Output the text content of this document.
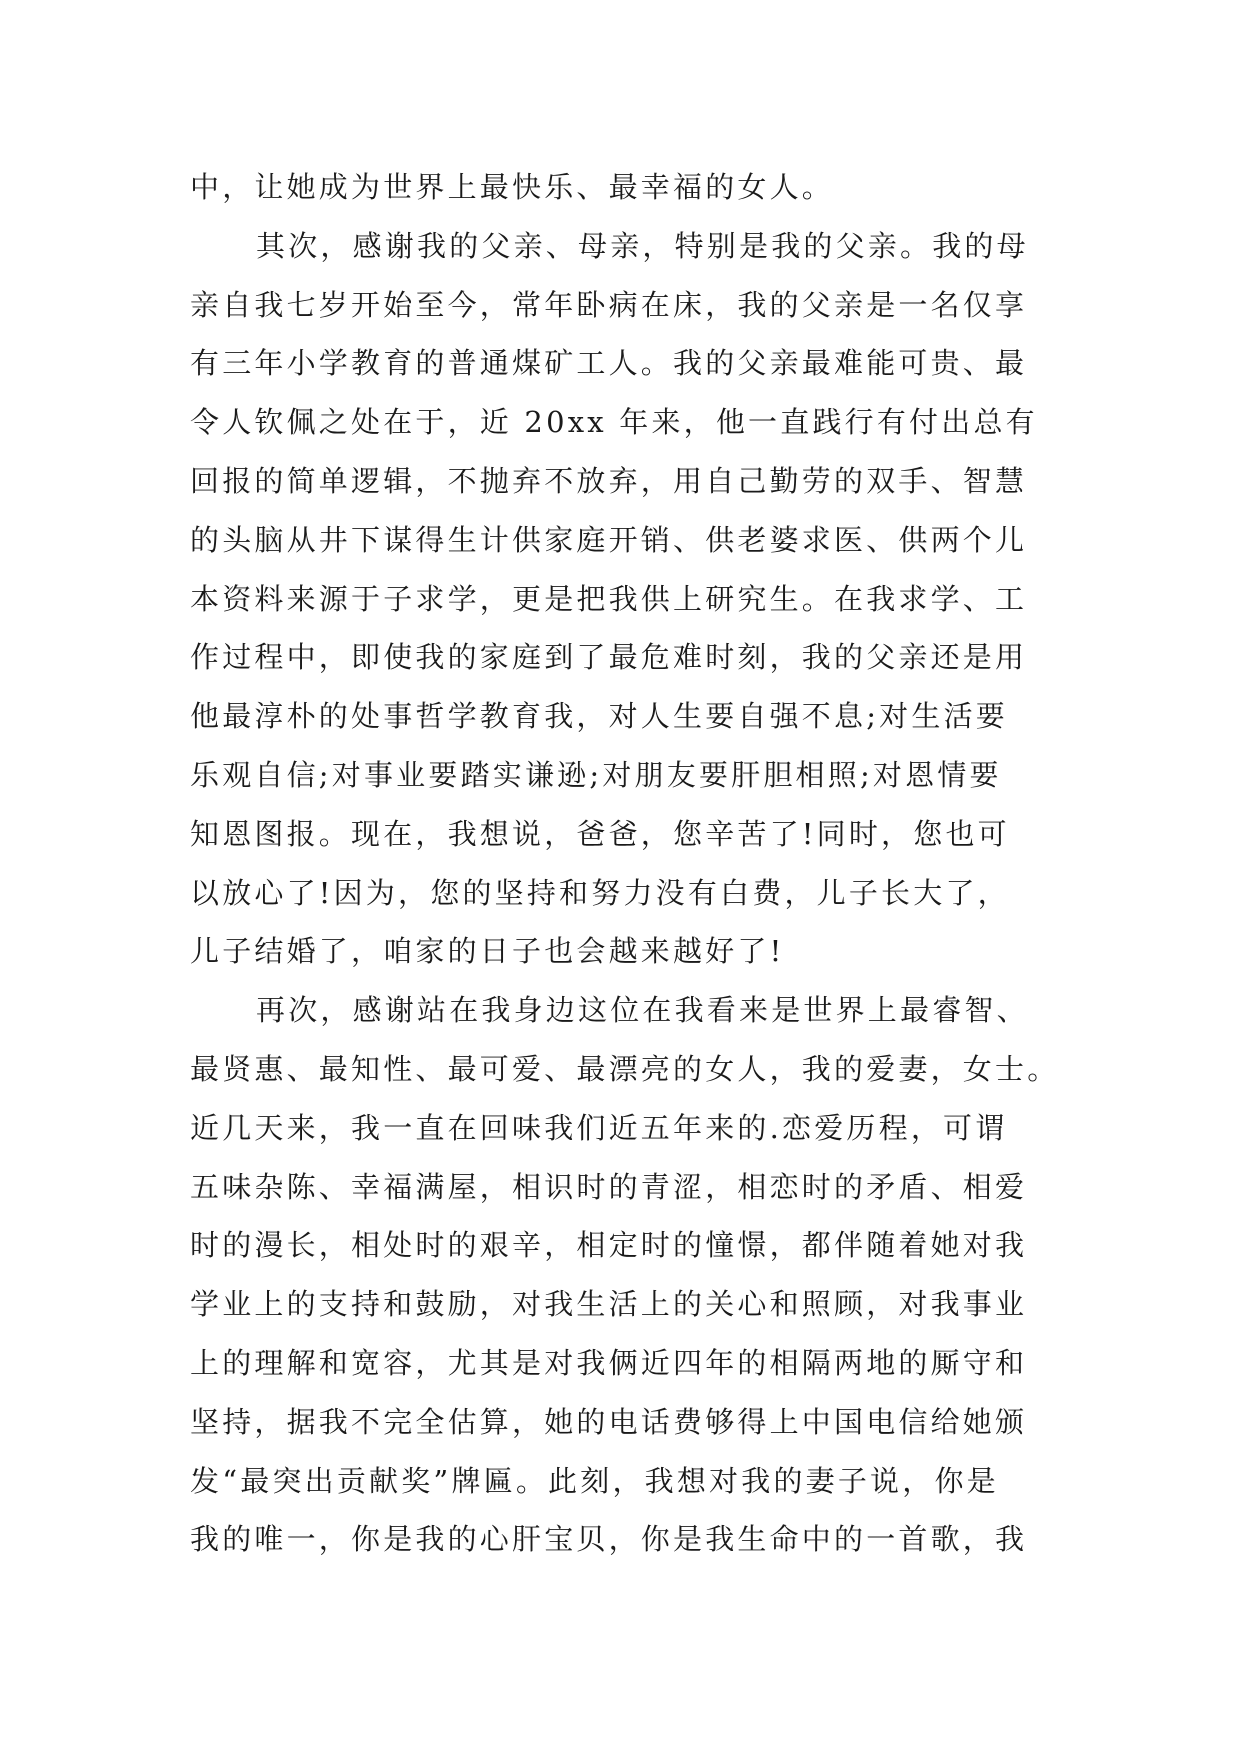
中，让她成为世界上最快乐、最幸福的女人。
其次，感谢我的父亲、母亲，特别是我的父亲。我的母
亲自我七岁开始至今，常年卧病在床，我的父亲是一名仅享
有三年小学教育的普通煤矿工人。我的父亲最难能可贵、最
令人钦佩之处在于，近 20xx 年来，他一直践行有付出总有
回报的简单逻辑，不抛弃不放弃，用自己勤劳的双手、智慧
的头脑从井下谋得生计供家庭开销、供老婆求医、供两个儿
本资料来源于子求学，更是把我供上研究生。在我求学、工
作过程中，即使我的家庭到了最危难时刻，我的父亲还是用
他最淳朴的处事哲学教育我，对人生要自强不息;对生活要
乐观自信;对事业要踏实谦逊;对朋友要肝胆相照;对恩情要
知恩图报。现在，我想说，爸爸，您辛苦了!同时，您也可
以放心了!因为，您的坚持和努力没有白费，儿子长大了，
儿子结婚了，咱家的日子也会越来越好了!
再次，感谢站在我身边这位在我看来是世界上最睿智、
最贤惠、最知性、最可爱、最漂亮的女人，我的爱妻，女士。
近几天来，我一直在回味我们近五年来的.恋爱历程，可谓
五味杂陈、幸福满屋，相识时的青涩，相恋时的矛盾、相爱
时的漫长，相处时的艰辛，相定时的憧憬，都伴随着她对我
学业上的支持和鼓励，对我生活上的关心和照顾，对我事业
上的理解和宽容，尤其是对我俩近四年的相隔两地的厮守和
坚持，据我不完全估算，她的电话费够得上中国电信给她颁
发“最突出贡献奖”牌匾。此刻，我想对我的妻子说，你是
我的唯一，你是我的心肝宝贝，你是我生命中的一首歌，我
